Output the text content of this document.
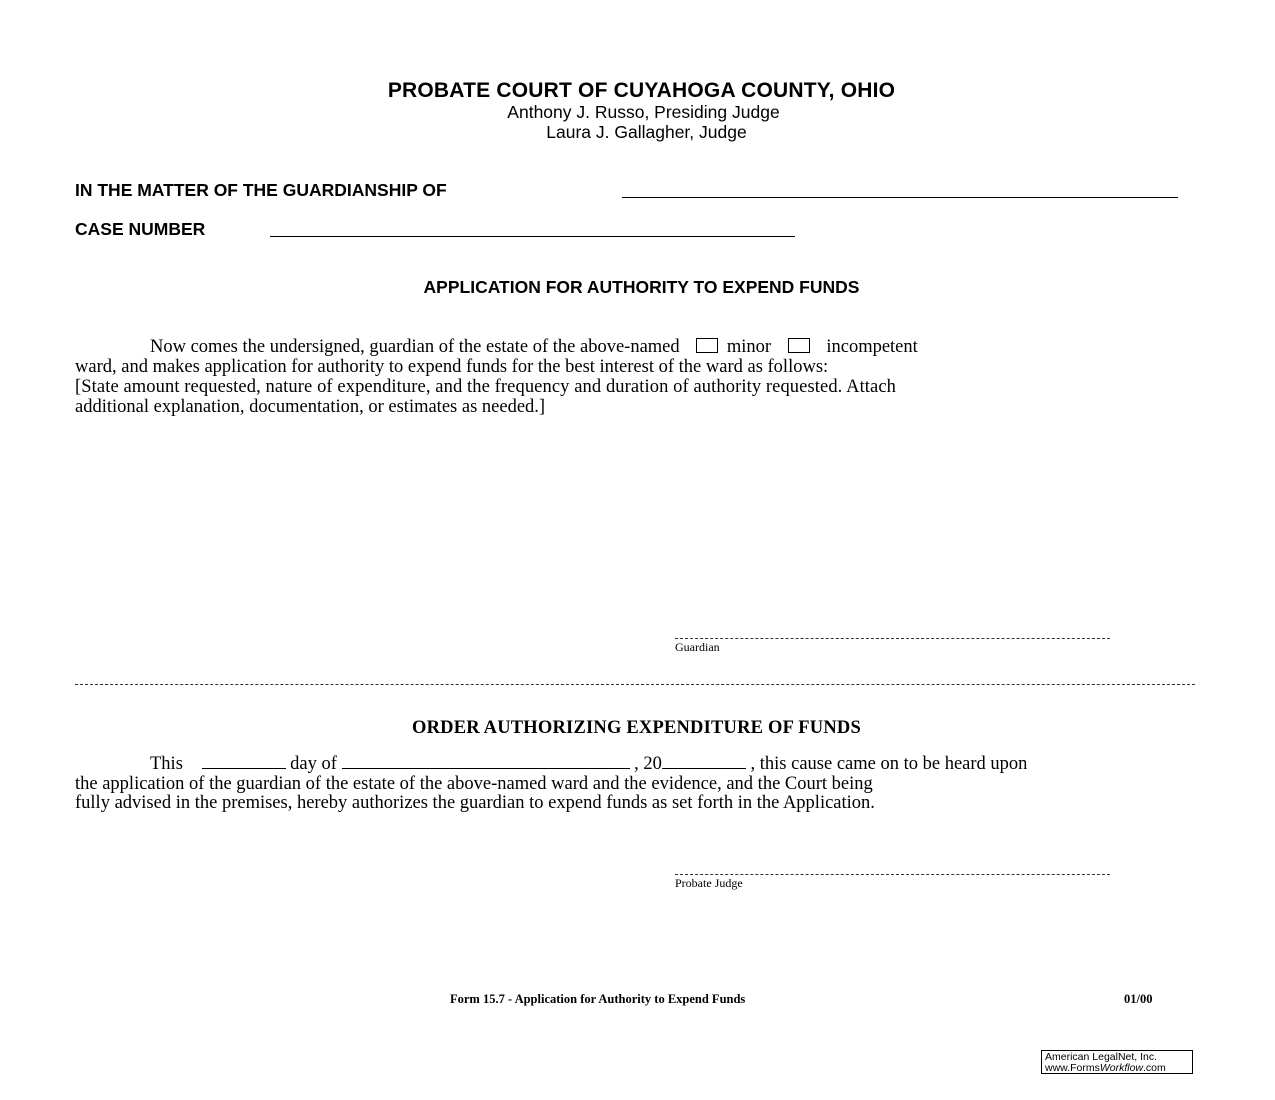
PROBATE COURT OF CUYAHOGA COUNTY, OHIO
Anthony J. Russo, Presiding Judge
Laura J. Gallagher, Judge
IN THE MATTER OF THE GUARDIANSHIP OF
CASE NUMBER
APPLICATION FOR AUTHORITY TO EXPEND FUNDS
Now comes the undersigned, guardian of the estate of the above-named	minor	incompetent
ward, and makes application for authority to expend funds for the best interest of the ward as follows:
[State amount requested, nature of expenditure, and the frequency and duration of authority requested. Attach
additional explanation, documentation, or estimates as needed.]
Guardian
ORDER AUTHORIZING EXPENDITURE OF FUNDS
This	day of	, 20	, this cause came on to be heard upon
the application of the guardian of the estate of the above-named ward and the evidence, and the Court being
fully advised in the premises, hereby authorizes the guardian to expend funds as set forth in the Application.
Probate Judge
Form 15.7 - Application for Authority to Expend Funds	01/00
American LegalNet, Inc.
www.FormsWorkflow.com
